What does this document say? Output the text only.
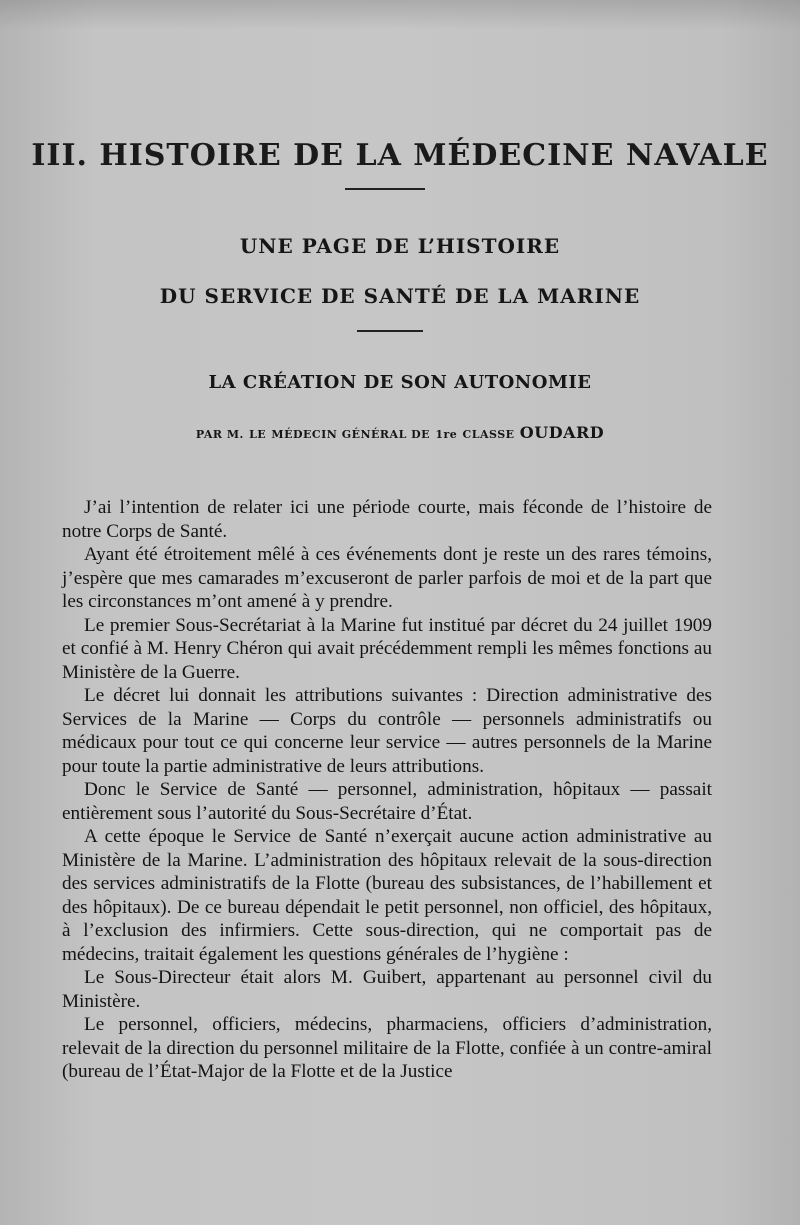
III. HISTOIRE DE LA MÉDECINE NAVALE
UNE PAGE DE L’HISTOIRE
DU SERVICE DE SANTÉ DE LA MARINE
LA CRÉATION DE SON AUTONOMIE
PAR M. LE MÉDECIN GÉNÉRAL DE 1re CLASSE OUDARD

J’ai l’intention de relater ici une période courte, mais féconde de l’histoire de notre Corps de Santé.

Ayant été étroitement mêlé à ces événements dont je reste un des rares témoins, j’espère que mes camarades m’excuseront de parler parfois de moi et de la part que les circonstances m’ont amené à y prendre.

Le premier Sous-Secrétariat à la Marine fut institué par décret du 24 juillet 1909 et confié à M. Henry Chéron qui avait précédemment rempli les mêmes fonctions au Ministère de la Guerre.

Le décret lui donnait les attributions suivantes : Direction administrative des Services de la Marine — Corps du contrôle — personnels administratifs ou médicaux pour tout ce qui concerne leur service — autres personnels de la Marine pour toute la partie administrative de leurs attributions.

Donc le Service de Santé — personnel, administration, hôpitaux — passait entièrement sous l’autorité du Sous-Secrétaire d’État.

A cette époque le Service de Santé n’exerçait aucune action administrative au Ministère de la Marine. L’administration des hôpitaux relevait de la sous-direction des services administratifs de la Flotte (bureau des subsistances, de l’habillement et des hôpitaux). De ce bureau dépendait le petit personnel, non officiel, des hôpitaux, à l’exclusion des infirmiers. Cette sous-direction, qui ne comportait pas de médecins, traitait également les questions générales de l’hygiène :

Le Sous-Directeur était alors M. Guibert, appartenant au personnel civil du Ministère.

Le personnel, officiers, médecins, pharmaciens, officiers d’administration, relevait de la direction du personnel militaire de la Flotte, confiée à un contre-amiral (bureau de l’État-Major de la Flotte et de la Justice
